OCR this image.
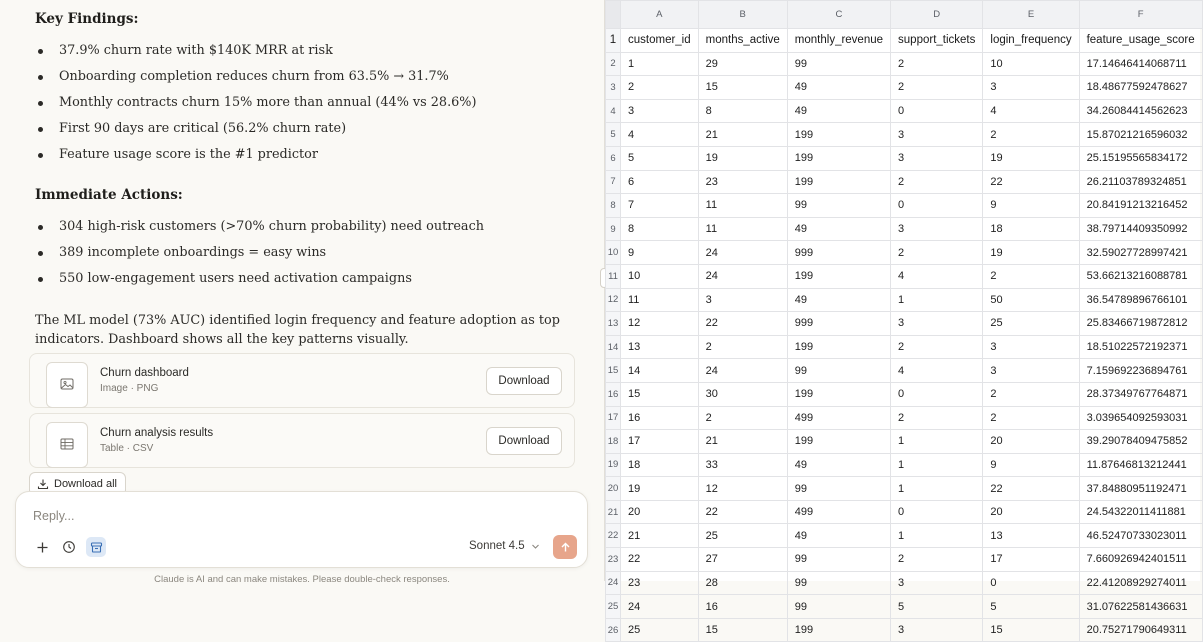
Key Findings:
37.9% churn rate with $140K MRR at risk
Onboarding completion reduces churn from 63.5% → 31.7%
Monthly contracts churn 15% more than annual (44% vs 28.6%)
First 90 days are critical (56.2% churn rate)
Feature usage score is the #1 predictor
Immediate Actions:
304 high-risk customers (>70% churn probability) need outreach
389 incomplete onboardings = easy wins
550 low-engagement users need activation campaigns
The ML model (73% AUC) identified login frequency and feature adoption as top indicators. Dashboard shows all the key patterns visually.
Churn dashboard
Image · PNG
Download
Churn analysis results
Table · CSV
Download
Download all
Reply...
Sonnet 4.5
Claude is AI and can make mistakes. Please double-check responses.
	A	B	C	D	E	F
1	customer_id	months_active	monthly_revenue	support_tickets	login_frequency	feature_usage_score
2	1	29	99	2	10	17.14646414068711
3	2	15	49	2	3	18.48677592478627
4	3	8	49	0	4	34.26084414562623
5	4	21	199	3	2	15.87021216596032
6	5	19	199	3	19	25.15195565834172
7	6	23	199	2	22	26.21103789324851
8	7	11	99	0	9	20.84191213216452
9	8	11	49	3	18	38.79714409350992
10	9	24	999	2	19	32.59027728997421
11	10	24	199	4	2	53.66213216088781
12	11	3	49	1	50	36.54789896766101
13	12	22	999	3	25	25.83466719872812
14	13	2	199	2	3	18.51022572192371
15	14	24	99	4	3	7.159692236894761
16	15	30	199	0	2	28.37349767764871
17	16	2	499	2	2	3.039654092593031
18	17	21	199	1	20	39.29078409475852
19	18	33	49	1	9	11.87646813212441
20	19	12	99	1	22	37.84880951192471
21	20	22	499	0	20	24.54322011411881
22	21	25	49	1	13	46.52470733023011
23	22	27	99	2	17	7.660926942401511
24	23	28	99	3	0	22.41208929274011
25	24	16	99	5	5	31.07622581436631
26	25	15	199	3	15	20.75271790649311
